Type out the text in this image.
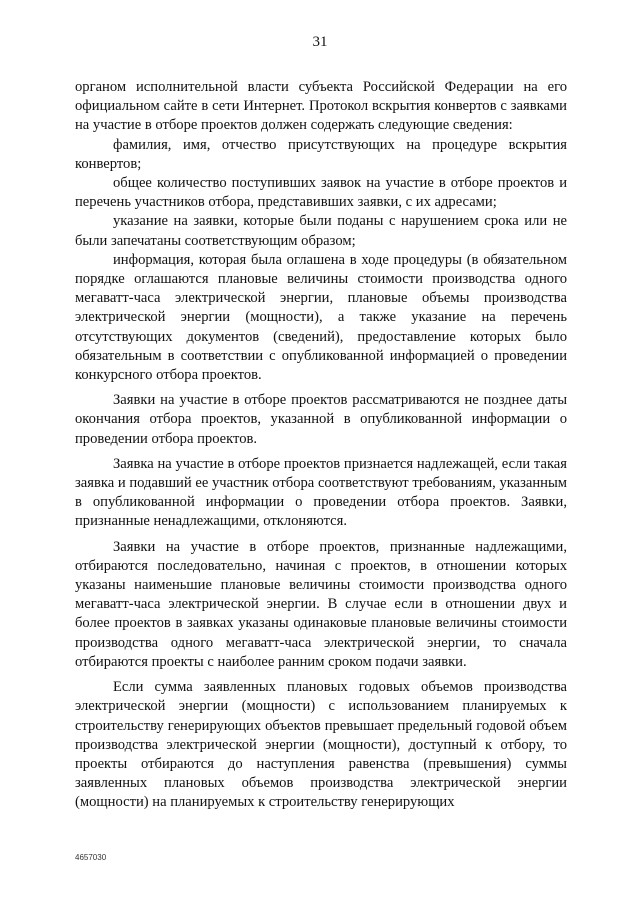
31

органом исполнительной власти субъекта Российской Федерации на его официальном сайте в сети Интернет. Протокол вскрытия конвертов с заявками на участие в отборе проектов должен содержать следующие сведения:

фамилия, имя, отчество присутствующих на процедуре вскрытия конвертов;

общее количество поступивших заявок на участие в отборе проектов и перечень участников отбора, представивших заявки, с их адресами;

указание на заявки, которые были поданы с нарушением срока или не были запечатаны соответствующим образом;

информация, которая была оглашена в ходе процедуры (в обязательном порядке оглашаются плановые величины стоимости производства одного мегаватт-часа электрической энергии, плановые объемы производства электрической энергии (мощности), а также указание на перечень отсутствующих документов (сведений), предоставление которых было обязательным в соответствии с опубликованной информацией о проведении конкурсного отбора проектов.

Заявки на участие в отборе проектов рассматриваются не позднее даты окончания отбора проектов, указанной в опубликованной информации о проведении отбора проектов.

Заявка на участие в отборе проектов признается надлежащей, если такая заявка и подавший ее участник отбора соответствуют требованиям, указанным в опубликованной информации о проведении отбора проектов. Заявки, признанные ненадлежащими, отклоняются.

Заявки на участие в отборе проектов, признанные надлежащими, отбираются последовательно, начиная с проектов, в отношении которых указаны наименьшие плановые величины стоимости производства одного мегаватт-часа электрической энергии. В случае если в отношении двух и более проектов в заявках указаны одинаковые плановые величины стоимости производства одного мегаватт-часа электрической энергии, то сначала отбираются проекты с наиболее ранним сроком подачи заявки.

Если сумма заявленных плановых годовых объемов производства электрической энергии (мощности) с использованием планируемых к строительству генерирующих объектов превышает предельный годовой объем производства электрической энергии (мощности), доступный к отбору, то проекты отбираются до наступления равенства (превышения) суммы заявленных плановых объемов производства электрической энергии (мощности) на планируемых к строительству генерирующих

4657030
